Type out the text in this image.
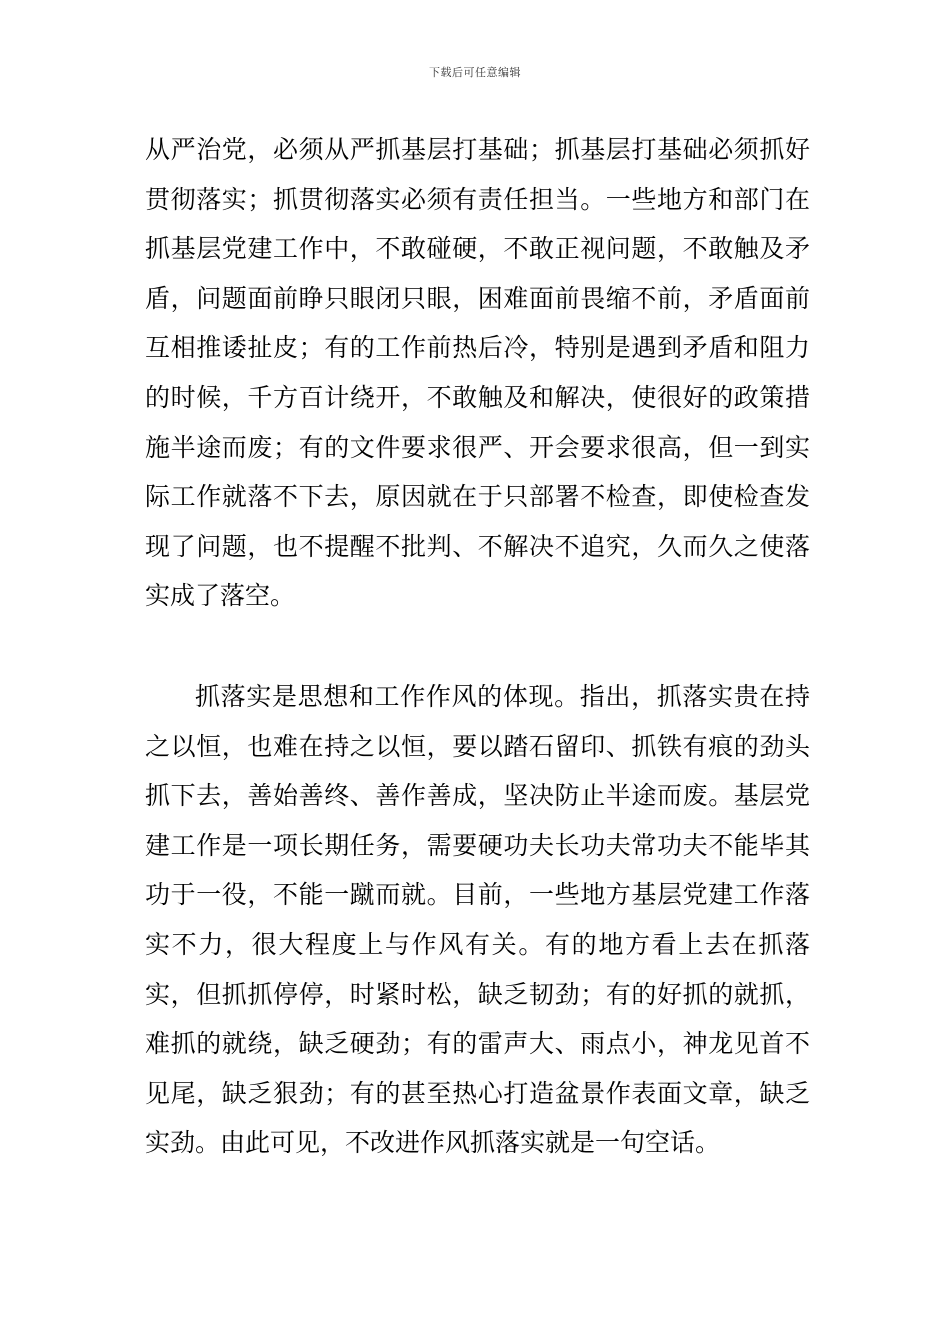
下载后可任意编辑

从严治党，必须从严抓基层打基础；抓基层打基础必须抓好贯彻落实；抓贯彻落实必须有责任担当。一些地方和部门在抓基层党建工作中，不敢碰硬，不敢正视问题，不敢触及矛盾，问题面前睁只眼闭只眼，困难面前畏缩不前，矛盾面前互相推诿扯皮；有的工作前热后冷，特别是遇到矛盾和阻力的时候，千方百计绕开，不敢触及和解决，使很好的政策措施半途而废；有的文件要求很严、开会要求很高，但一到实际工作就落不下去，原因就在于只部署不检查，即使检查发现了问题，也不提醒不批判、不解决不追究，久而久之使落实成了落空。

抓落实是思想和工作作风的体现。指出，抓落实贵在持之以恒，也难在持之以恒，要以踏石留印、抓铁有痕的劲头抓下去，善始善终、善作善成，坚决防止半途而废。基层党建工作是一项长期任务，需要硬功夫长功夫常功夫不能毕其功于一役，不能一蹴而就。目前，一些地方基层党建工作落实不力，很大程度上与作风有关。有的地方看上去在抓落实，但抓抓停停，时紧时松，缺乏韧劲；有的好抓的就抓，难抓的就绕，缺乏硬劲；有的雷声大、雨点小，神龙见首不见尾，缺乏狠劲；有的甚至热心打造盆景作表面文章，缺乏实劲。由此可见，不改进作风抓落实就是一句空话。
